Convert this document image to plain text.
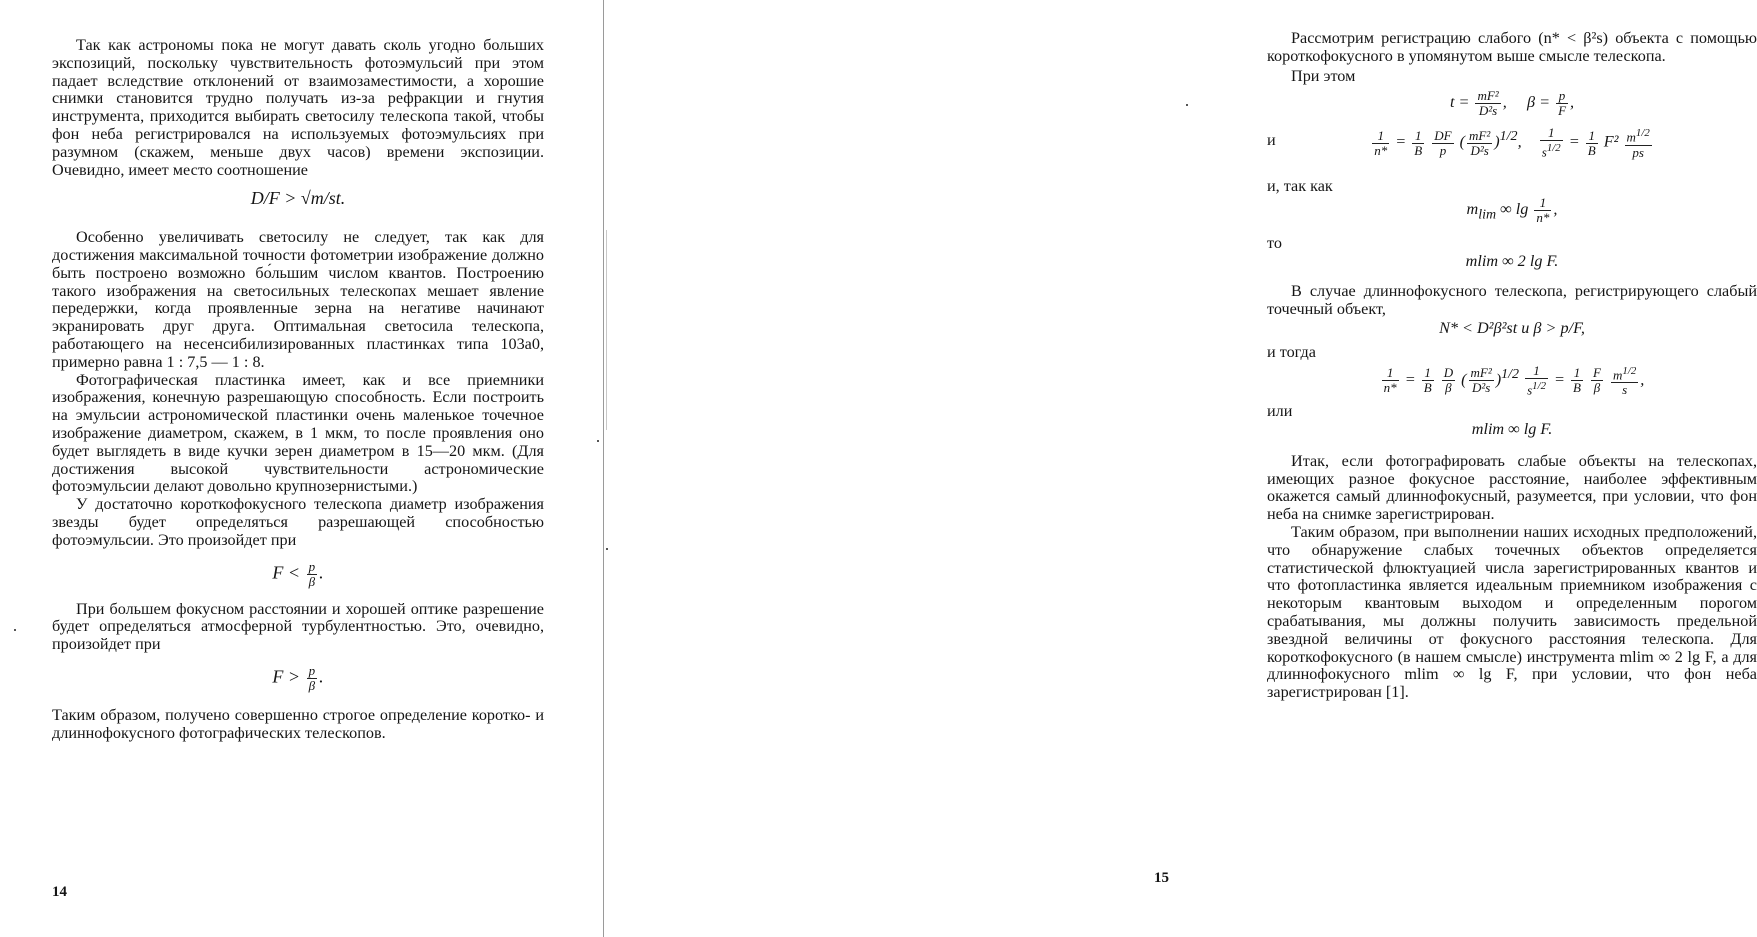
Так как астрономы пока не могут давать сколь угодно больших экспозиций, поскольку чувствительность фотоэмульсий при этом падает вследствие отклонений от взаимозаместимости, а хорошие снимки становится трудно получать из-за рефракции и гнутия инструмента, приходится выбирать светосилу телескопа такой, чтобы фон неба регистрировался на используемых фотоэмульсиях при разумном (скажем, меньше двух часов) времени экспозиции. Очевидно, имеет место соотношение

D/F > √m/st.

Особенно увеличивать светосилу не следует, так как для достижения максимальной точности фотометрии изображение должно быть построено возможно бо́льшим числом квантов. Построению такого изображения на светосильных телескопах мешает явление передержки, когда проявленные зерна на негативе начинают экранировать друг друга. Оптимальная светосила телескопа, работающего на несенсибилизированных пластинках типа 103а0, примерно равна 1 : 7,5 — 1 : 8.

Фотографическая пластинка имеет, как и все приемники изображения, конечную разрешающую способность. Если построить на эмульсии астрономической пластинки очень маленькое точечное изображение диаметром, скажем, в 1 мкм, то после проявления оно будет выглядеть в виде кучки зерен диаметром в 15—20 мкм. (Для достижения высокой чувствительности астрономические фотоэмульсии делают довольно крупнозернистыми.)

У достаточно короткофокусного телескопа диаметр изображения звезды будет определяться разрешающей способностью фотоэмульсии. Это произойдет при

$F < \frac{p}{\beta}$ .

При большем фокусном расстоянии и хорошей оптике разрешение будет определяться атмосферной турбулентностью. Это, очевидно, произойдет при

$F > \frac{p}{\beta}$ .

Таким образом, получено совершенно строгое определение коротко- и длиннофокусного фотографических телескопов.

14

Рассмотрим регистрацию слабого (n* < β²s) объекта с помощью короткофокусного в упомянутом выше смысле телескопа.

При этом

$t = \frac{\text{mF²}}{\text{D²s}}$ ,     $\beta = \frac{p}{F}$ ,
и	$\frac{1}{n*} = \frac{1}{B}$
$\frac{DF}{p}$ ( $\frac{\text{mF²}}{\text{D²s}} )^{1/2}$, $\frac{1}{s^{1/2}} = \frac{1}{B} F^2 \frac{m^{1/2}}{ps}$

и, так как

$m_{lim}$ ∞ $\lg \frac{1}{n*}$ ,

то

mlim ∞ 2 lg F.

В случае длиннофокусного телескопа, регистрирующего слабый точечный объект,

N* < D²β²st и β > p/F,

и тогда

$\frac{1}{n*} = \frac{1}{B}$
$\frac{D}{\beta}$ ( $\frac{\text{mF²}}{\text{D²s}} )^{1/2} \frac{1}{s^{1/2}} = \frac{1}{B}$
$\frac{F}{\beta}$
$\frac{m^{1/2}}{s}$ ,

или

mlim ∞ lg F.

Итак, если фотографировать слабые объекты на телескопах, имеющих разное фокусное расстояние, наиболее эффективным окажется самый длиннофокусный, разумеется, при условии, что фон неба на снимке зарегистрирован.

Таким образом, при выполнении наших исходных предположений, что обнаружение слабых точечных объектов определяется статистической флюктуацией числа зарегистрированных квантов и что фотопластинка является идеальным приемником изображения с некоторым квантовым выходом и определенным порогом срабатывания, мы должны получить зависимость предельной звездной величины от фокусного расстояния телескопа. Для короткофокусного (в нашем смысле) инструмента mlim ∞ 2 lg F, а для длиннофокусного mlim ∞ lg F, при условии, что фон неба зарегистрирован [1].

15
